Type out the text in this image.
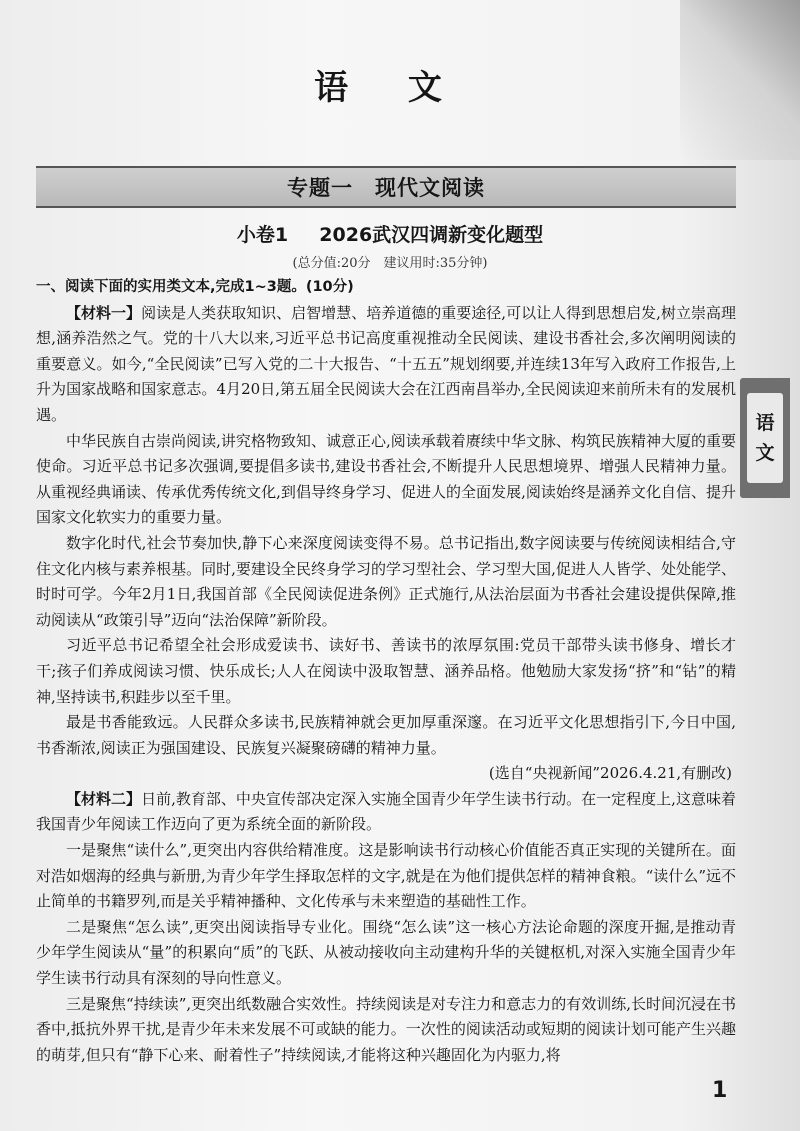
语 文
专题一 现代文阅读
小卷1 2026武汉四调新变化题型
(总分值:20分　建议用时:35分钟)

一、阅读下面的实用类文本,完成1~3题。(10分)

【材料一】阅读是人类获取知识、启智增慧、培养道德的重要途径,可以让人得到思想启发,树立崇高理想,涵养浩然之气。党的十八大以来,习近平总书记高度重视推动全民阅读、建设书香社会,多次阐明阅读的重要意义。如今,“全民阅读”已写入党的二十大报告、“十五五”规划纲要,并连续13年写入政府工作报告,上升为国家战略和国家意志。4月20日,第五届全民阅读大会在江西南昌举办,全民阅读迎来前所未有的发展机遇。

中华民族自古崇尚阅读,讲究格物致知、诚意正心,阅读承载着赓续中华文脉、构筑民族精神大厦的重要使命。习近平总书记多次强调,要提倡多读书,建设书香社会,不断提升人民思想境界、增强人民精神力量。从重视经典诵读、传承优秀传统文化,到倡导终身学习、促进人的全面发展,阅读始终是涵养文化自信、提升国家文化软实力的重要力量。

数字化时代,社会节奏加快,静下心来深度阅读变得不易。总书记指出,数字阅读要与传统阅读相结合,守住文化内核与素养根基。同时,要建设全民终身学习的学习型社会、学习型大国,促进人人皆学、处处能学、时时可学。今年2月1日,我国首部《全民阅读促进条例》正式施行,从法治层面为书香社会建设提供保障,推动阅读从“政策引导”迈向“法治保障”新阶段。

习近平总书记希望全社会形成爱读书、读好书、善读书的浓厚氛围:党员干部带头读书修身、增长才干;孩子们养成阅读习惯、快乐成长;人人在阅读中汲取智慧、涵养品格。他勉励大家发扬“挤”和“钻”的精神,坚持读书,积跬步以至千里。

最是书香能致远。人民群众多读书,民族精神就会更加厚重深邃。在习近平文化思想指引下,今日中国,书香渐浓,阅读正为强国建设、民族复兴凝聚磅礴的精神力量。

(选自“央视新闻”2026.4.21,有删改)

【材料二】日前,教育部、中央宣传部决定深入实施全国青少年学生读书行动。在一定程度上,这意味着我国青少年阅读工作迈向了更为系统全面的新阶段。

一是聚焦“读什么”,更突出内容供给精准度。这是影响读书行动核心价值能否真正实现的关键所在。面对浩如烟海的经典与新册,为青少年学生择取怎样的文字,就是在为他们提供怎样的精神食粮。“读什么”远不止简单的书籍罗列,而是关乎精神播种、文化传承与未来塑造的基础性工作。

二是聚焦“怎么读”,更突出阅读指导专业化。围绕“怎么读”这一核心方法论命题的深度开掘,是推动青少年学生阅读从“量”的积累向“质”的飞跃、从被动接收向主动建构升华的关键枢机,对深入实施全国青少年学生读书行动具有深刻的导向性意义。

三是聚焦“持续读”,更突出纸数融合实效性。持续阅读是对专注力和意志力的有效训练,长时间沉浸在书香中,抵抗外界干扰,是青少年未来发展不可或缺的能力。一次性的阅读活动或短期的阅读计划可能产生兴趣的萌芽,但只有“静下心来、耐着性子”持续阅读,才能将这种兴趣固化为内驱力,将

语
文
1
